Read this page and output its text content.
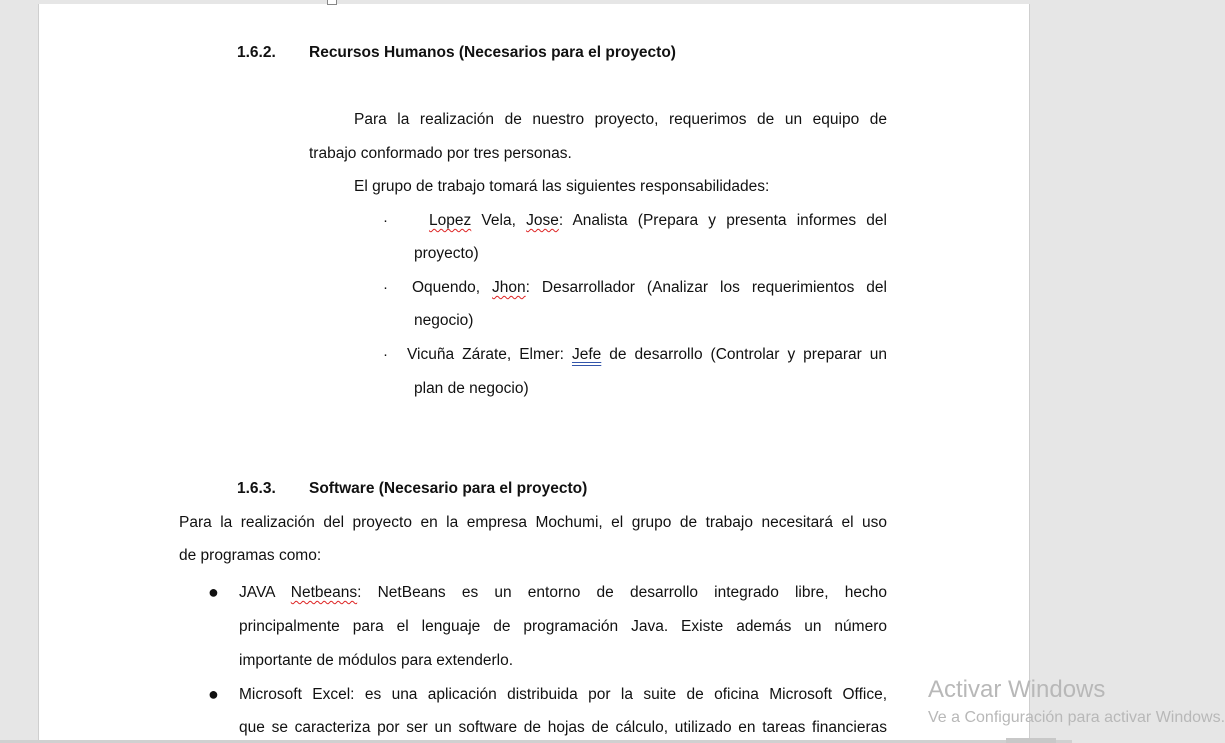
1.6.2. Recursos Humanos (Necesarios para el proyecto)
Para la realización de nuestro proyecto, requerimos de un equipo de
trabajo conformado por tres personas.
El grupo de trabajo tomará las siguientes responsabilidades:
·	Lopez Vela, Jose: Analista (Prepara y presenta informes del
proyecto)
· Oquendo, Jhon: Desarrollador (Analizar los requerimientos del
negocio)
· Vicuña Zárate, Elmer: Jefe de desarrollo (Controlar y preparar un
plan de negocio)
1.6.3. Software (Necesario para el proyecto)
Para la realización del proyecto en la empresa Mochumi, el grupo de trabajo necesitará el uso
de programas como:
● JAVA Netbeans: NetBeans es un entorno de desarrollo integrado libre, hecho
principalmente para el lenguaje de programación Java. Existe además un número
importante de módulos para extenderlo.
● Microsoft Excel: es una aplicación distribuida por la suite de oficina Microsoft Office,
que se caracteriza por ser un software de hojas de cálculo, utilizado en tareas financieras
Activar Windows
Ve a Configuración para activar Windows.
